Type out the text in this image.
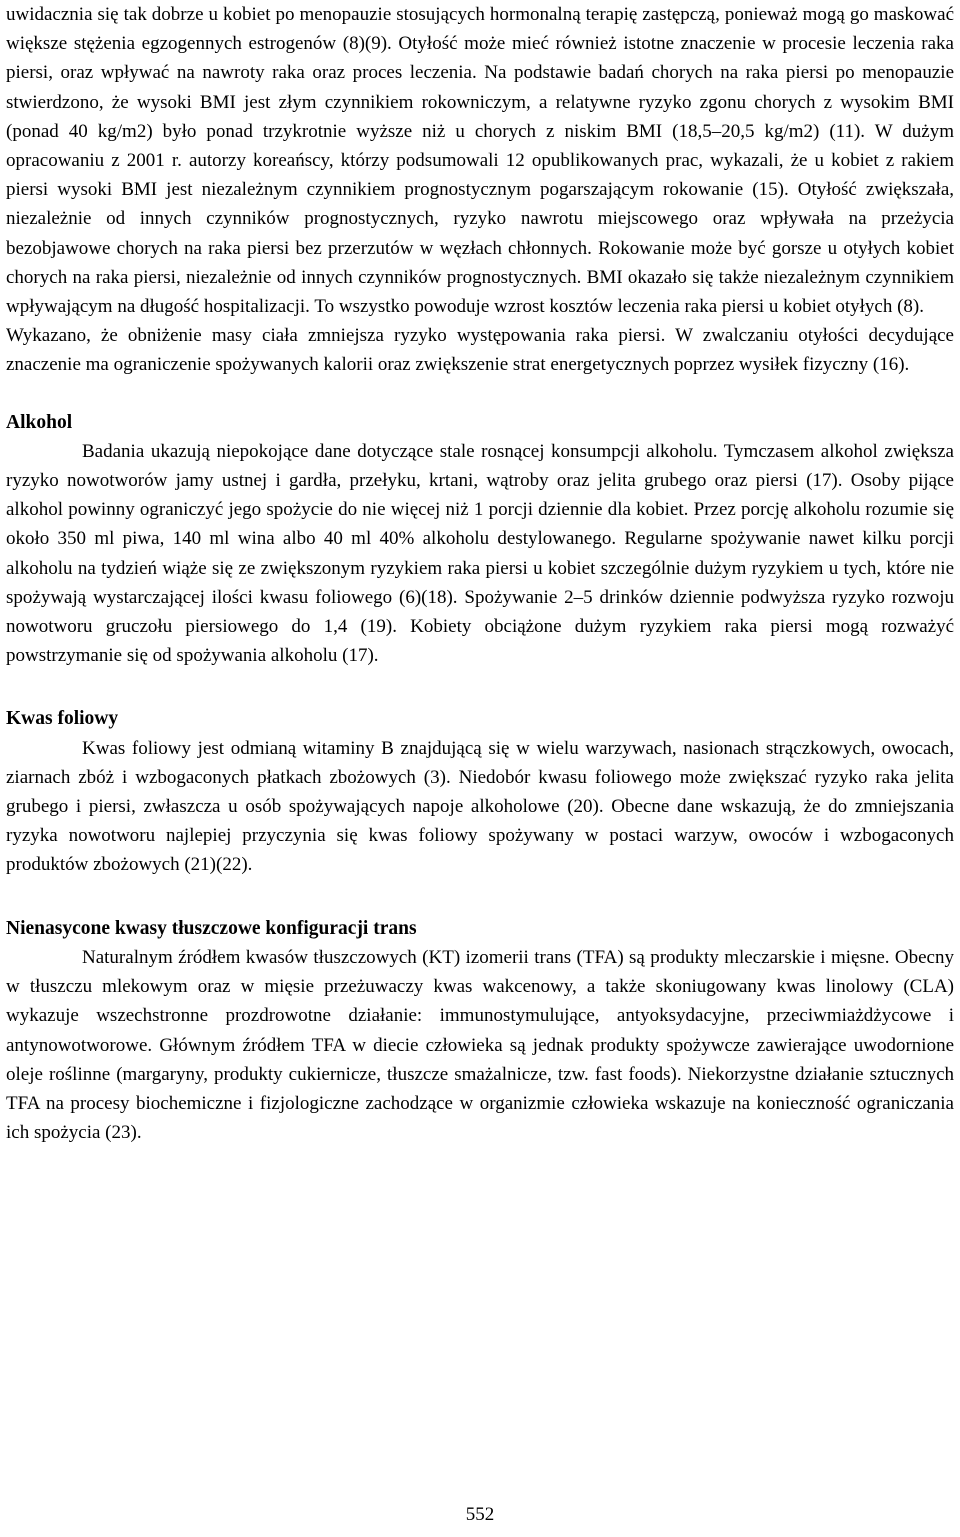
uwidacznia się tak dobrze u kobiet po menopauzie stosujących hormonalną terapię zastępczą, ponieważ mogą go maskować większe stężenia egzogennych estrogenów (8)(9). Otyłość może mieć również istotne znaczenie w procesie leczenia raka piersi, oraz wpływać na nawroty raka oraz proces leczenia. Na podstawie badań chorych na raka piersi po menopauzie stwierdzono, że wysoki BMI jest złym czynnikiem rokowniczym, a relatywne ryzyko zgonu chorych z wysokim BMI (ponad 40 kg/m2) było ponad trzykrotnie wyższe niż u chorych z niskim BMI (18,5‒20,5 kg/m2) (11). W dużym opracowaniu z 2001 r. autorzy koreańscy, którzy podsumowali 12 opublikowanych prac, wykazali, że u kobiet z rakiem piersi wysoki BMI jest niezależnym czynnikiem prognostycznym pogarszającym rokowanie (15). Otyłość zwiększała, niezależnie od innych czynników prognostycznych, ryzyko nawrotu miejscowego oraz wpływała na przeżycia bezobjawowe chorych na raka piersi bez przerzutów w węzłach chłonnych. Rokowanie może być gorsze u otyłych kobiet chorych na raka piersi, niezależnie od innych czynników prognostycznych. BMI okazało się także niezależnym czynnikiem wpływającym na długość hospitalizacji. To wszystko powoduje wzrost kosztów leczenia raka piersi u kobiet otyłych (8).

Wykazano, że obniżenie masy ciała zmniejsza ryzyko występowania raka piersi. W zwalczaniu otyłości decydujące znaczenie ma ograniczenie spożywanych kalorii oraz zwiększenie strat energetycznych poprzez wysiłek fizyczny (16).

Alkohol

Badania ukazują niepokojące dane dotyczące stale rosnącej konsumpcji alkoholu. Tymczasem alkohol zwiększa ryzyko nowotworów jamy ustnej i gardła, przełyku, krtani, wątroby oraz jelita grubego oraz piersi (17). Osoby pijące alkohol powinny ograniczyć jego spożycie do nie więcej niż 1 porcji dziennie dla kobiet. Przez porcję alkoholu rozumie się około 350 ml piwa, 140 ml wina albo 40 ml 40% alkoholu destylowanego. Regularne spożywanie nawet kilku porcji alkoholu na tydzień wiąże się ze zwiększonym ryzykiem raka piersi u kobiet szczególnie dużym ryzykiem u tych, które nie spożywają wystarczającej ilości kwasu foliowego (6)(18). Spożywanie 2‒5 drinków dziennie podwyższa ryzyko rozwoju nowotworu gruczołu piersiowego do 1,4 (19). Kobiety obciążone dużym ryzykiem raka piersi mogą rozważyć powstrzymanie się od spożywania alkoholu (17).

Kwas foliowy

Kwas foliowy jest odmianą witaminy B znajdującą się w wielu warzywach, nasionach strączkowych, owocach, ziarnach zbóż i wzbogaconych płatkach zbożowych (3). Niedobór kwasu foliowego może zwiększać ryzyko raka jelita grubego i piersi, zwłaszcza u osób spożywających napoje alkoholowe (20). Obecne dane wskazują, że do zmniejszania ryzyka nowotworu najlepiej przyczynia się kwas foliowy spożywany w postaci warzyw, owoców i wzbogaconych produktów zbożowych (21)(22).

Nienasycone kwasy tłuszczowe konfiguracji trans

Naturalnym źródłem kwasów tłuszczowych (KT) izomerii trans (TFA) są produkty mleczarskie i mięsne. Obecny w tłuszczu mlekowym oraz w mięsie przeżuwaczy kwas wakcenowy, a także skoniugowany kwas linolowy (CLA) wykazuje wszechstronne prozdrowotne działanie: immunostymulujące, antyoksydacyjne, przeciwmiażdżycowe i antynowotworowe. Głównym źródłem TFA w diecie człowieka są jednak produkty spożywcze zawierające uwodornione oleje roślinne (margaryny, produkty cukiernicze, tłuszcze smażalnicze, tzw. fast foods). Niekorzystne działanie sztucznych TFA na procesy biochemiczne i fizjologiczne zachodzące w organizmie człowieka wskazuje na konieczność ograniczania ich spożycia (23).

552
